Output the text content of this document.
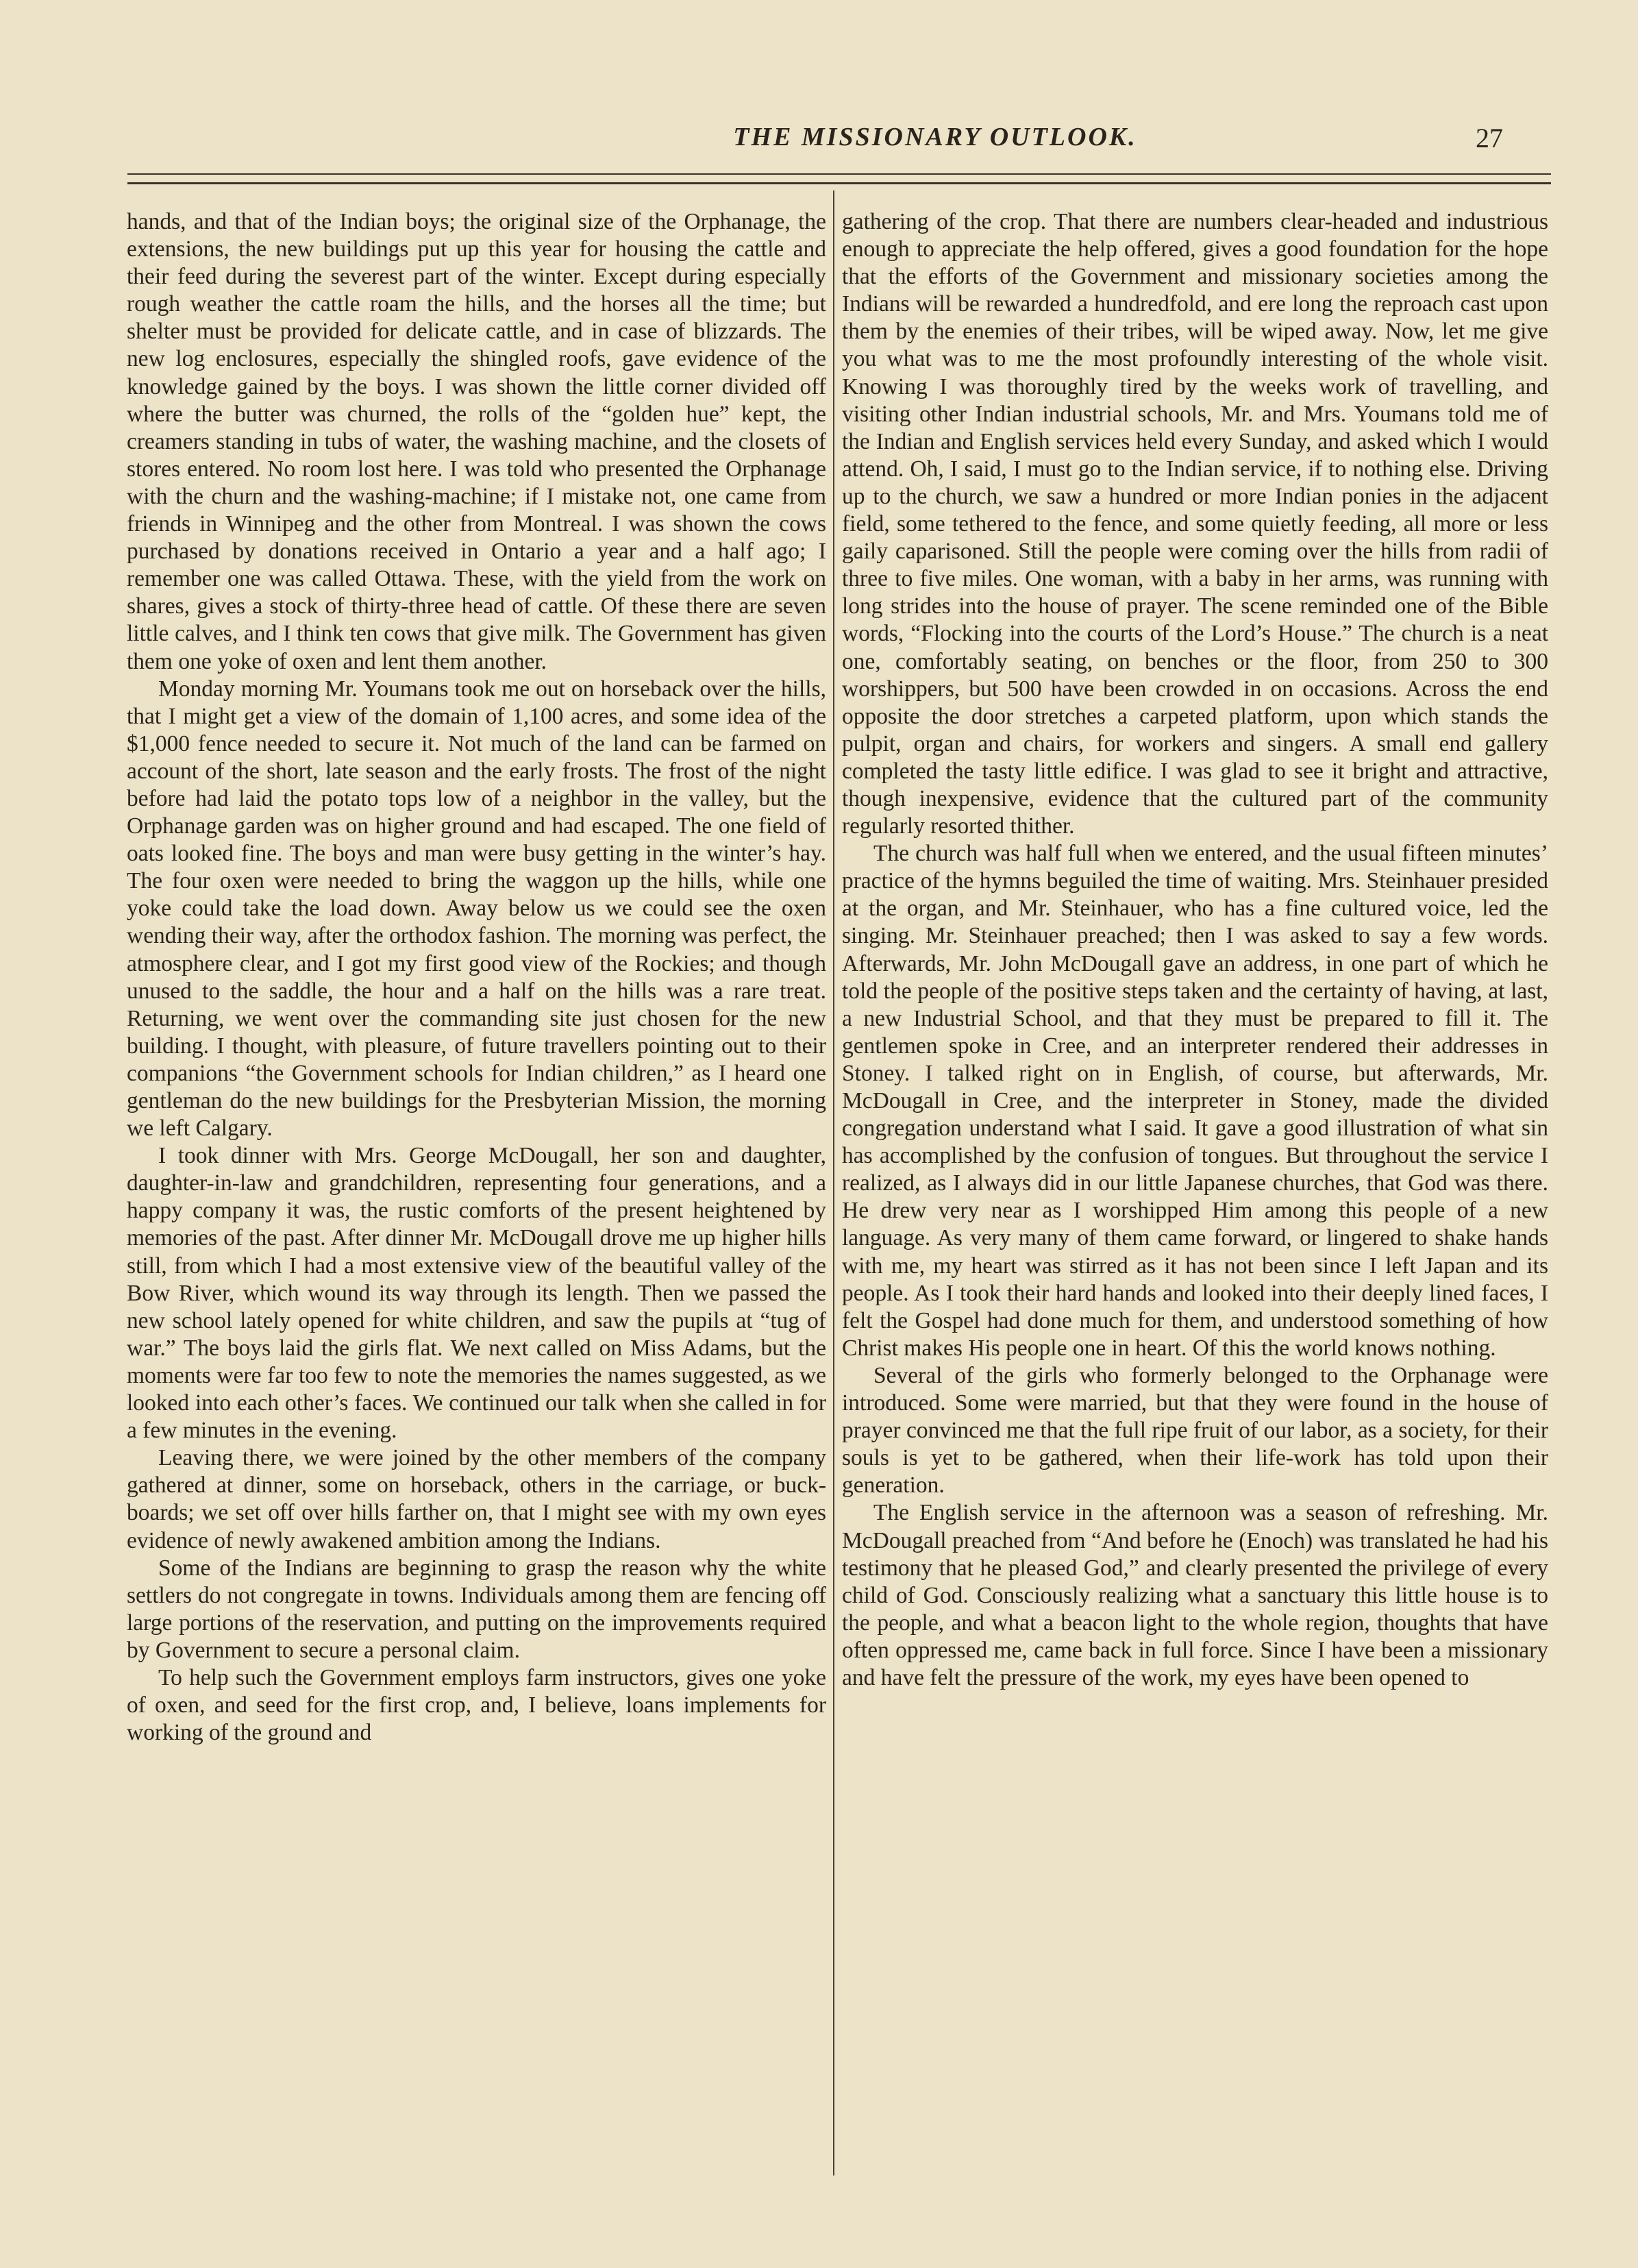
THE MISSIONARY OUTLOOK.	27

hands, and that of the Indian boys; the original size of the Orphanage, the extensions, the new buildings put up this year for housing the cattle and their feed during the severest part of the winter. Except during especially rough weather the cattle roam the hills, and the horses all the time; but shelter must be provided for delicate cattle, and in case of blizzards. The new log enclosures, especially the shingled roofs, gave evidence of the knowledge gained by the boys. I was shown the little corner divided off where the butter was churned, the rolls of the “golden hue” kept, the creamers standing in tubs of water, the washing machine, and the closets of stores entered. No room lost here. I was told who presented the Orphanage with the churn and the washing-machine; if I mistake not, one came from friends in Winnipeg and the other from Montreal. I was shown the cows purchased by donations received in Ontario a year and a half ago; I remember one was called Ottawa. These, with the yield from the work on shares, gives a stock of thirty-three head of cattle. Of these there are seven little calves, and I think ten cows that give milk. The Government has given them one yoke of oxen and lent them another.

Monday morning Mr. Youmans took me out on horseback over the hills, that I might get a view of the domain of 1,100 acres, and some idea of the $1,000 fence needed to secure it. Not much of the land can be farmed on account of the short, late season and the early frosts. The frost of the night before had laid the potato tops low of a neighbor in the valley, but the Orphanage garden was on higher ground and had escaped. The one field of oats looked fine. The boys and man were busy getting in the winter’s hay. The four oxen were needed to bring the waggon up the hills, while one yoke could take the load down. Away below us we could see the oxen wending their way, after the orthodox fashion. The morning was perfect, the atmosphere clear, and I got my first good view of the Rockies; and though unused to the saddle, the hour and a half on the hills was a rare treat. Returning, we went over the commanding site just chosen for the new building. I thought, with pleasure, of future travellers pointing out to their companions “the Government schools for Indian children,” as I heard one gentleman do the new buildings for the Presbyterian Mission, the morning we left Calgary.

I took dinner with Mrs. George McDougall, her son and daughter, daughter-in-law and grandchildren, representing four generations, and a happy company it was, the rustic comforts of the present heightened by memories of the past. After dinner Mr. McDougall drove me up higher hills still, from which I had a most extensive view of the beautiful valley of the Bow River, which wound its way through its length. Then we passed the new school lately opened for white children, and saw the pupils at “tug of war.” The boys laid the girls flat. We next called on Miss Adams, but the moments were far too few to note the memories the names suggested, as we looked into each other’s faces. We continued our talk when she called in for a few minutes in the evening.

Leaving there, we were joined by the other members of the company gathered at dinner, some on horseback, others in the carriage, or buck-boards; we set off over hills farther on, that I might see with my own eyes evidence of newly awakened ambition among the Indians.

Some of the Indians are beginning to grasp the reason why the white settlers do not congregate in towns. Individuals among them are fencing off large portions of the reservation, and putting on the improvements required by Government to secure a personal claim.

To help such the Government employs farm instructors, gives one yoke of oxen, and seed for the first crop, and, I believe, loans implements for working of the ground and

gathering of the crop. That there are numbers clear-headed and industrious enough to appreciate the help offered, gives a good foundation for the hope that the efforts of the Government and missionary societies among the Indians will be rewarded a hundredfold, and ere long the reproach cast upon them by the enemies of their tribes, will be wiped away. Now, let me give you what was to me the most profoundly interesting of the whole visit. Knowing I was thoroughly tired by the weeks work of travelling, and visiting other Indian industrial schools, Mr. and Mrs. Youmans told me of the Indian and English services held every Sunday, and asked which I would attend. Oh, I said, I must go to the Indian service, if to nothing else. Driving up to the church, we saw a hundred or more Indian ponies in the adjacent field, some tethered to the fence, and some quietly feeding, all more or less gaily caparisoned. Still the people were coming over the hills from radii of three to five miles. One woman, with a baby in her arms, was running with long strides into the house of prayer. The scene reminded one of the Bible words, “Flocking into the courts of the Lord’s House.” The church is a neat one, comfortably seating, on benches or the floor, from 250 to 300 worshippers, but 500 have been crowded in on occasions. Across the end opposite the door stretches a carpeted platform, upon which stands the pulpit, organ and chairs, for workers and singers. A small end gallery completed the tasty little edifice. I was glad to see it bright and attractive, though inexpensive, evidence that the cultured part of the community regularly resorted thither.

The church was half full when we entered, and the usual fifteen minutes’ practice of the hymns beguiled the time of waiting. Mrs. Steinhauer presided at the organ, and Mr. Steinhauer, who has a fine cultured voice, led the singing. Mr. Steinhauer preached; then I was asked to say a few words. Afterwards, Mr. John McDougall gave an address, in one part of which he told the people of the positive steps taken and the certainty of having, at last, a new Industrial School, and that they must be prepared to fill it. The gentlemen spoke in Cree, and an interpreter rendered their addresses in Stoney. I talked right on in English, of course, but afterwards, Mr. McDougall in Cree, and the interpreter in Stoney, made the divided congregation understand what I said. It gave a good illustration of what sin has accomplished by the confusion of tongues. But throughout the service I realized, as I always did in our little Japanese churches, that God was there. He drew very near as I worshipped Him among this people of a new language. As very many of them came forward, or lingered to shake hands with me, my heart was stirred as it has not been since I left Japan and its people. As I took their hard hands and looked into their deeply lined faces, I felt the Gospel had done much for them, and understood something of how Christ makes His people one in heart. Of this the world knows nothing.

Several of the girls who formerly belonged to the Orphanage were introduced. Some were married, but that they were found in the house of prayer convinced me that the full ripe fruit of our labor, as a society, for their souls is yet to be gathered, when their life-work has told upon their generation.

The English service in the afternoon was a season of refreshing. Mr. McDougall preached from “And before he (Enoch) was translated he had his testimony that he pleased God,” and clearly presented the privilege of every child of God. Consciously realizing what a sanctuary this little house is to the people, and what a beacon light to the whole region, thoughts that have often oppressed me, came back in full force. Since I have been a missionary and have felt the pressure of the work, my eyes have been opened to
